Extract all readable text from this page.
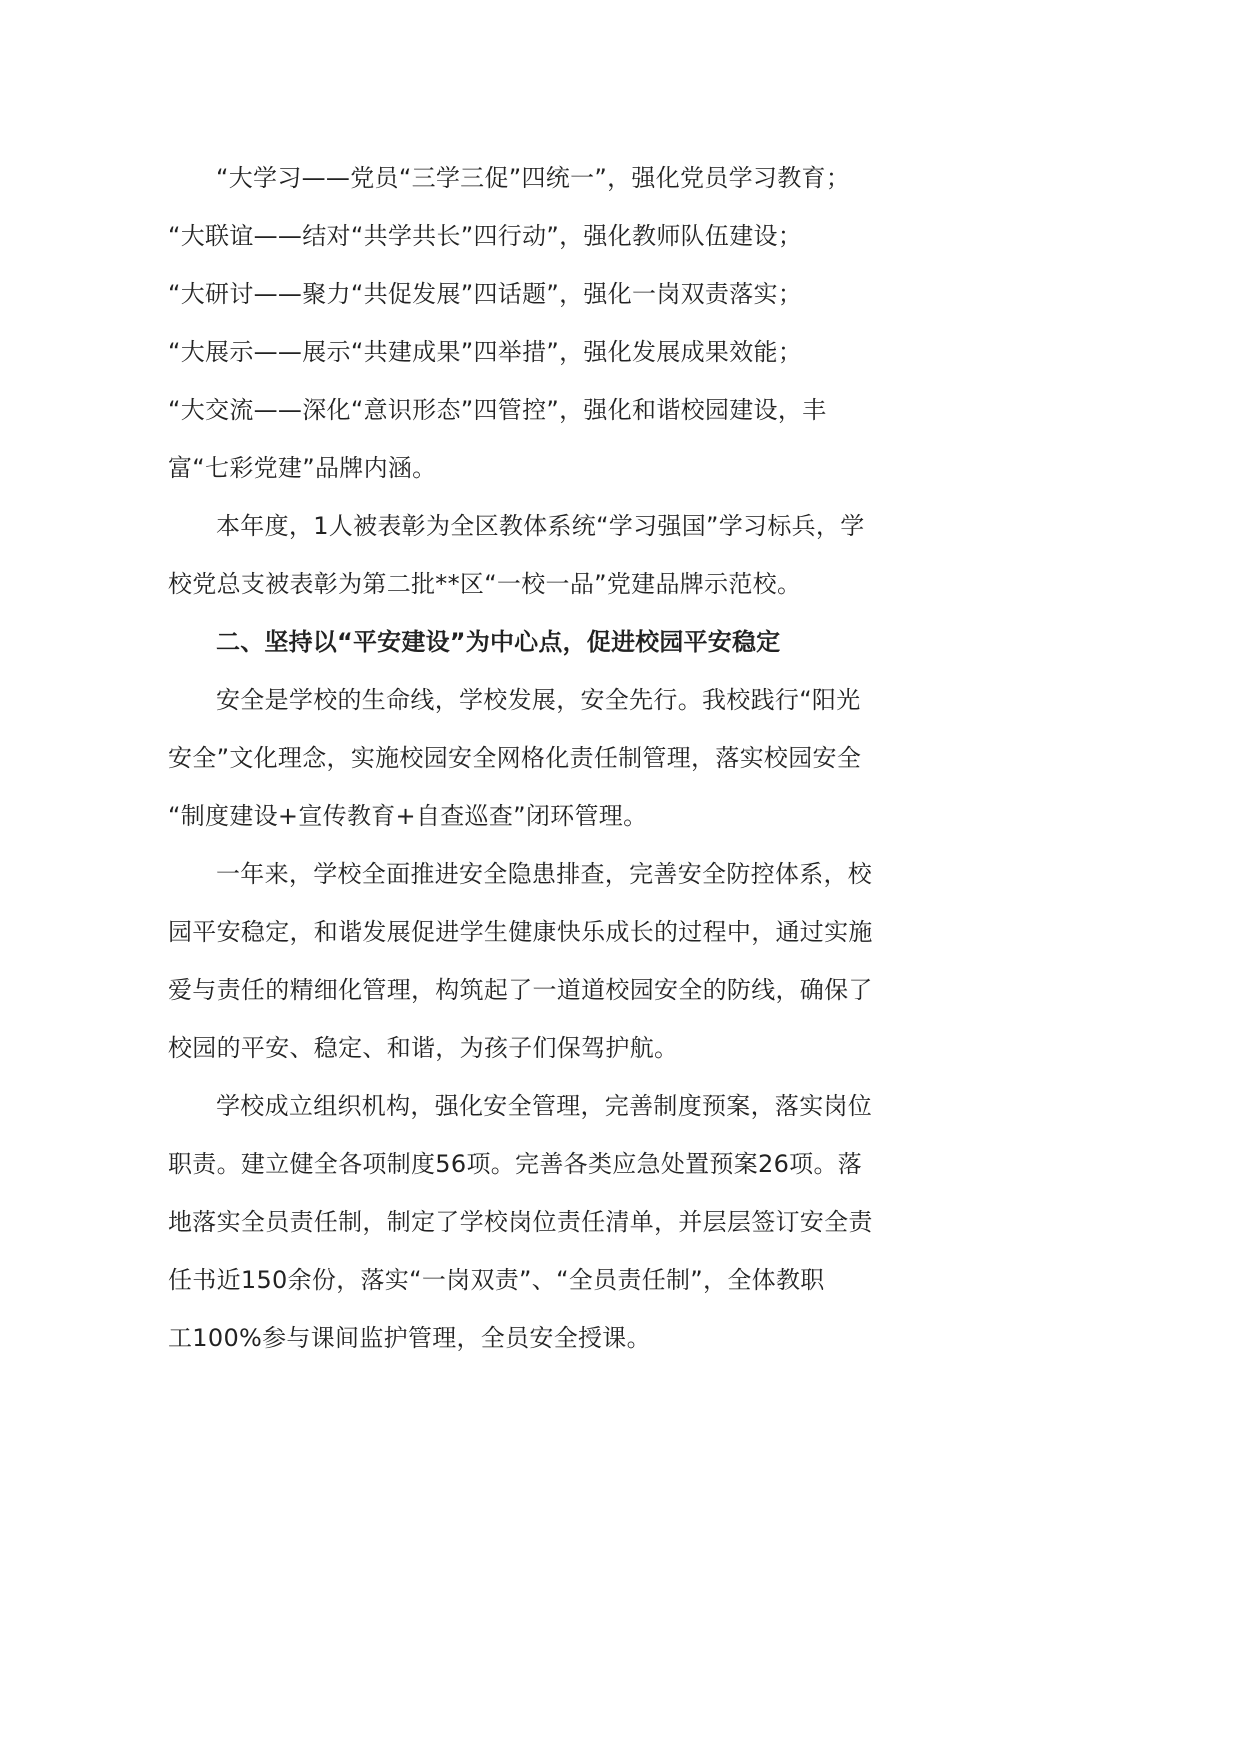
“大学习——党员“三学三促”四统一”，强化党员学习教育；
“大联谊——结对“共学共长”四行动”，强化教师队伍建设；
“大研讨——聚力“共促发展”四话题”，强化一岗双责落实；
“大展示——展示“共建成果”四举措”，强化发展成果效能；
“大交流——深化“意识形态”四管控”，强化和谐校园建设，丰
富“七彩党建”品牌内涵。

本年度，1人被表彰为全区教体系统“学习强国”学习标兵，学
校党总支被表彰为第二批**区“一校一品”党建品牌示范校。

二、坚持以“平安建设”为中心点，促进校园平安稳定

安全是学校的生命线，学校发展，安全先行。我校践行“阳光
安全”文化理念，实施校园安全网格化责任制管理，落实校园安全
“制度建设+宣传教育+自查巡查”闭环管理。

一年来，学校全面推进安全隐患排查，完善安全防控体系，校
园平安稳定，和谐发展促进学生健康快乐成长的过程中，通过实施
爱与责任的精细化管理，构筑起了一道道校园安全的防线，确保了
校园的平安、稳定、和谐，为孩子们保驾护航。

学校成立组织机构，强化安全管理，完善制度预案，落实岗位
职责。建立健全各项制度56项。完善各类应急处置预案26项。落
地落实全员责任制，制定了学校岗位责任清单，并层层签订安全责
任书近150余份，落实“一岗双责”、“全员责任制”，全体教职
工100%参与课间监护管理，全员安全授课。
